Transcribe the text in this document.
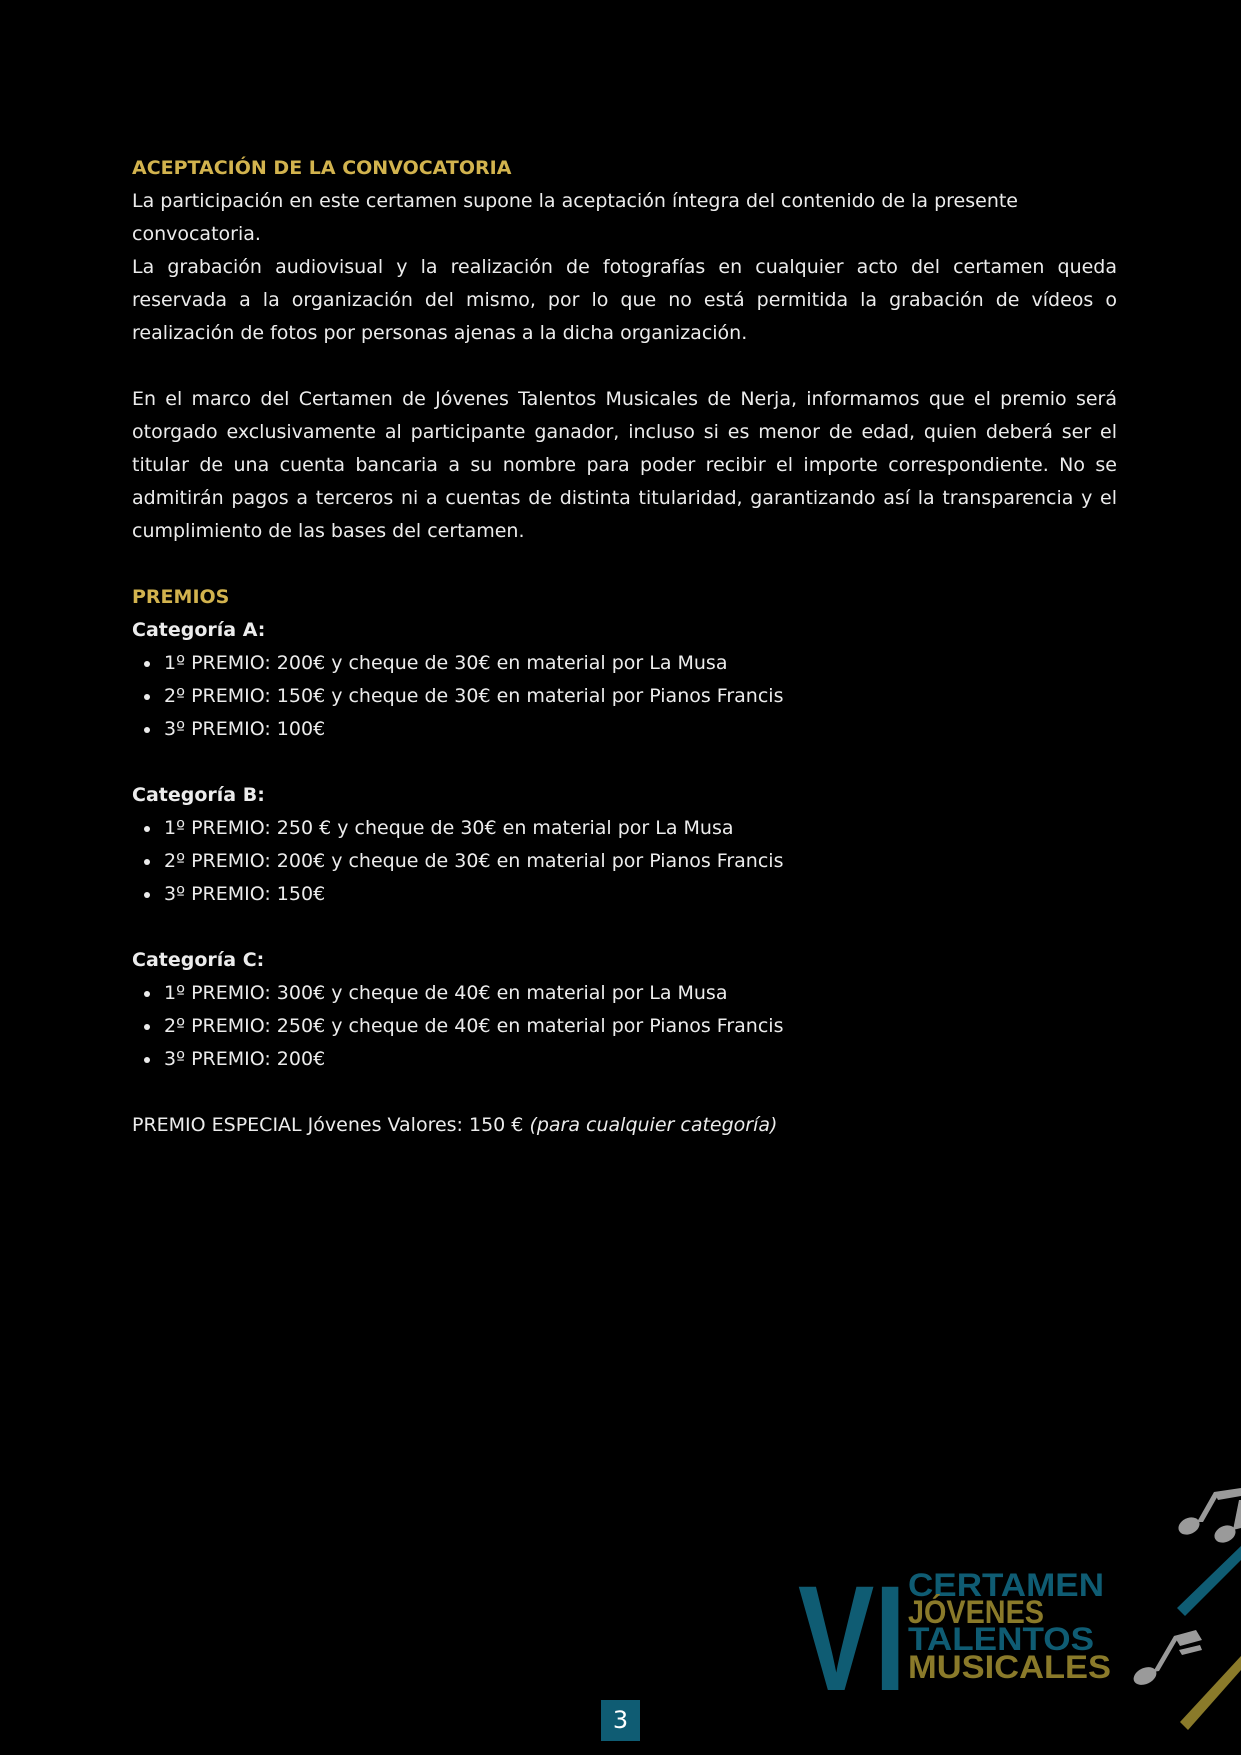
ACEPTACIÓN DE LA CONVOCATORIA

La participación en este certamen supone la aceptación íntegra del contenido de la presente convocatoria.

La grabación audiovisual y la realización de fotografías en cualquier acto del certamen queda reservada a la organización del mismo, por lo que no está permitida la grabación de vídeos o realización de fotos por personas ajenas a la dicha organización.

En el marco del Certamen de Jóvenes Talentos Musicales de Nerja, informamos que el premio será otorgado exclusivamente al participante ganador, incluso si es menor de edad, quien deberá ser el titular de una cuenta bancaria a su nombre para poder recibir el importe correspondiente. No se admitirán pagos a terceros ni a cuentas de distinta titularidad, garantizando así la transparencia y el cumplimiento de las bases del certamen.

PREMIOS

Categoría A:

1º PREMIO: 200€ y cheque de 30€ en material por La Musa
2º PREMIO: 150€ y cheque de 30€ en material por Pianos Francis
3º PREMIO: 100€

Categoría B:

1º PREMIO: 250 € y cheque de 30€ en material por La Musa
2º PREMIO: 200€ y cheque de 30€ en material por Pianos Francis
3º PREMIO: 150€

Categoría C:

1º PREMIO: 300€ y cheque de 40€ en material por La Musa
2º PREMIO: 250€ y cheque de 40€ en material por Pianos Francis
3º PREMIO: 200€

PREMIO ESPECIAL Jóvenes Valores: 150 € (para cualquier categoría)

VI CERTAMEN
JÓVENES
TALENTOS
MUSICALES
3
